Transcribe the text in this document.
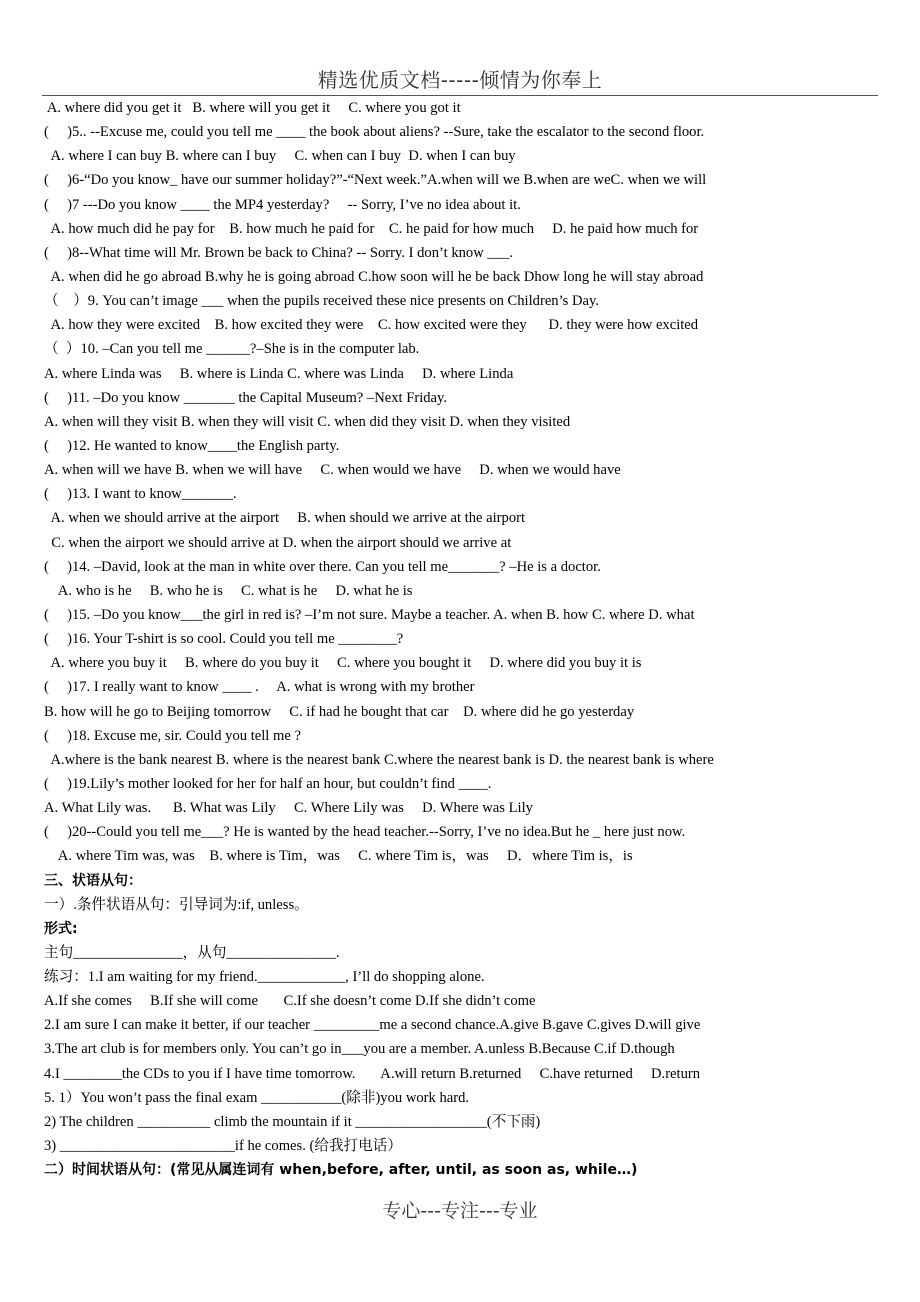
精选优质文档-----倾情为你奉上
A. where did you get it   B. where will you get it     C. where you got it
(     )5.. --Excuse me, could you tell me ____ the book about aliens? --Sure, take the escalator to the second floor.
A. where I can buy B. where can I buy     C. when can I buy  D. when I can buy
(     )6-“Do you know_ have our summer holiday?”-“Next week.”A.when will we B.when are weC. when we will
(     )7 ---Do you know ____ the MP4 yesterday?     -- Sorry, I’ve no idea about it.
A. how much did he pay for    B. how much he paid for    C. he paid for how much     D. he paid how much for
(     )8--What time will Mr. Brown be back to China? -- Sorry. I don’t know ___.
A. when did he go abroad B.why he is going abroad C.how soon will he be back Dhow long he will stay abroad
（    ）9. You can’t image ___ when the pupils received these nice presents on Children’s Day.
A. how they were excited    B. how excited they were    C. how excited were they      D. they were how excited
（  ）10. –Can you tell me ______?–She is in the computer lab.
A. where Linda was     B. where is Linda C. where was Linda     D. where Linda
(     )11. –Do you know _______ the Capital Museum? –Next Friday.
A. when will they visit B. when they will visit C. when did they visit D. when they visited
(     )12. He wanted to know____the English party.
A. when will we have B. when we will have     C. when would we have     D. when we would have
(     )13. I want to know_______.
A. when we should arrive at the airport     B. when should we arrive at the airport
C. when the airport we should arrive at D. when the airport should we arrive at
(     )14. –David, look at the man in white over there. Can you tell me_______? –He is a doctor.
A. who is he     B. who he is     C. what is he     D. what he is
(     )15. –Do you know___the girl in red is? –I’m not sure. Maybe a teacher. A. when B. how C. where D. what
(     )16. Your T-shirt is so cool. Could you tell me ________?
A. where you buy it     B. where do you buy it     C. where you bought it     D. where did you buy it is
(     )17. I really want to know ____ .     A. what is wrong with my brother
B. how will he go to Beijing tomorrow     C. if had he bought that car    D. where did he go yesterday
(     )18. Excuse me, sir. Could you tell me ?
A.where is the bank nearest B. where is the nearest bank C.where the nearest bank is D. the nearest bank is where
(     )19.Lily’s mother looked for her for half an hour, but couldn’t find ____.
A. What Lily was.      B. What was Lily     C. Where Lily was     D. Where was Lily
(     )20--Could you tell me___? He is wanted by the head teacher.--Sorry, I’ve no idea.But he _ here just now.
A. where Tim was, was    B. where is Tim，was     C. where Tim is，was     D．where Tim is，is
三、状语从句：
一）.条件状语从句：引导词为:if, unless。
形式:
主句_______________，从句_______________.
练习：1.I am waiting for my friend.____________, I’ll do shopping alone.
A.If she comes     B.If she will come       C.If she doesn’t come D.If she didn’t come
2.I am sure I can make it better, if our teacher _________me a second chance.A.give B.gave C.gives D.will give
3.The art club is for members only. You can’t go in___you are a member. A.unless B.Because C.if D.though
4.I ________the CDs to you if I have time tomorrow.       A.will return B.returned     C.have returned     D.return
5. 1）You won’t pass the final exam ___________(除非)you work hard.
2) The children __________ climb the mountain if it __________________(不下雨)
3) ________________________if he comes. (给我打电话）
二）时间状语从句：(常见从属连词有 when,before, after, until, as soon as, while…)
专心---专注---专业
